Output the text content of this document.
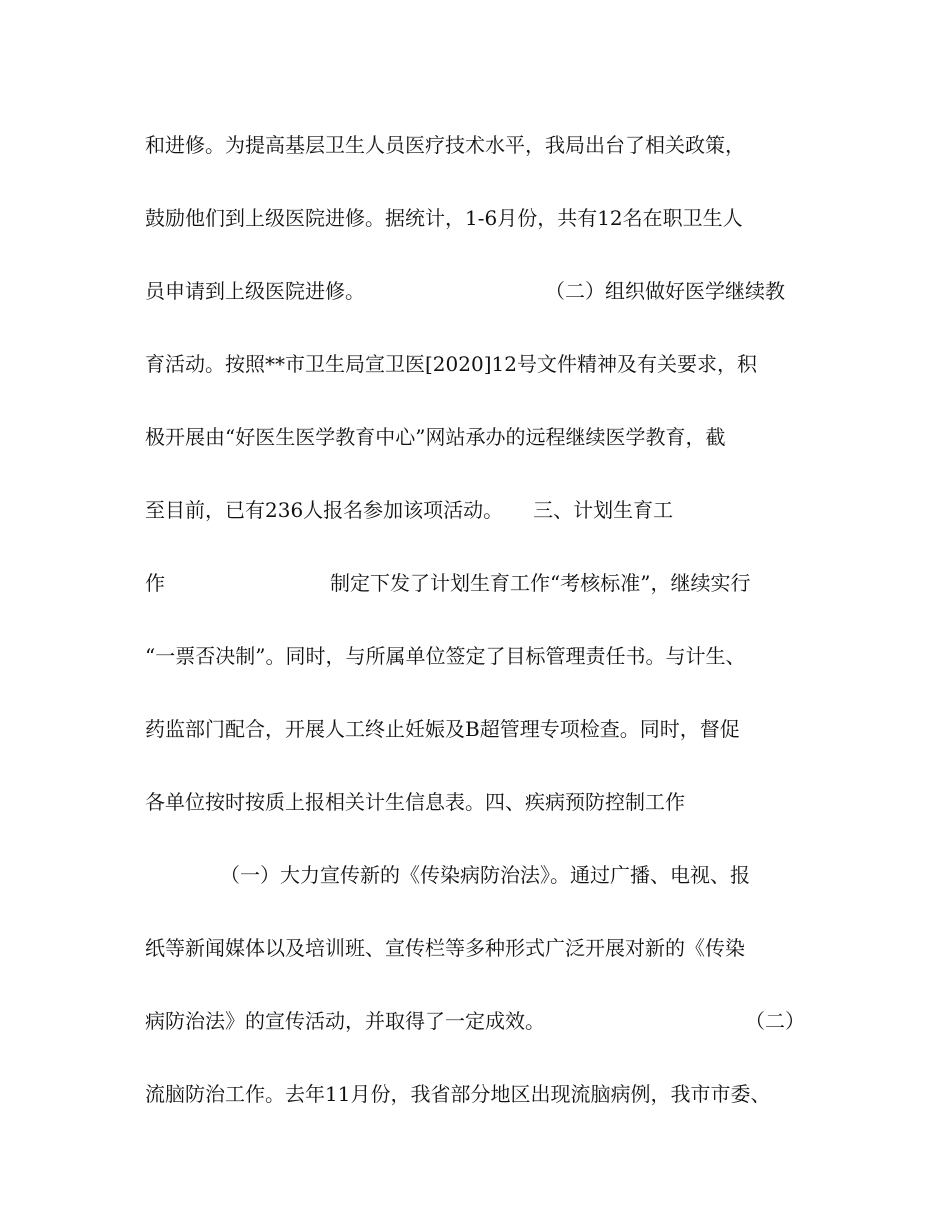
和进修。为提高基层卫生人员医疗技术水平，我局出台了相关政策，
鼓励他们到上级医院进修。据统计，1-6月份，共有12名在职卫生人

员申请到上级医院进修。

	（二）组织做好医学继续教

育活动。按照**市卫生局宣卫医[2020]12号文件精神及有关要求，积
极开展由“好医生医学教育中心”网站承办的远程继续医学教育，截
至目前，已有236人报名参加该项活动。　　三、计划生育工

作

	制定下发了计划生育工作“考核标准”，继续实行

“一票否决制”。同时，与所属单位签定了目标管理责任书。与计生、
药监部门配合，开展人工终止妊娠及B超管理专项检查。同时，督促
各单位按时按质上报相关计生信息表。四、疾病预防控制工作
（一）大力宣传新的《传染病防治法》。通过广播、电视、报
纸等新闻媒体以及培训班、宣传栏等多种形式广泛开展对新的《传染

病防治法》的宣传活动，并取得了一定成效。

	（二）

流脑防治工作。去年11月份，我省部分地区出现流脑病例，我市市委、
